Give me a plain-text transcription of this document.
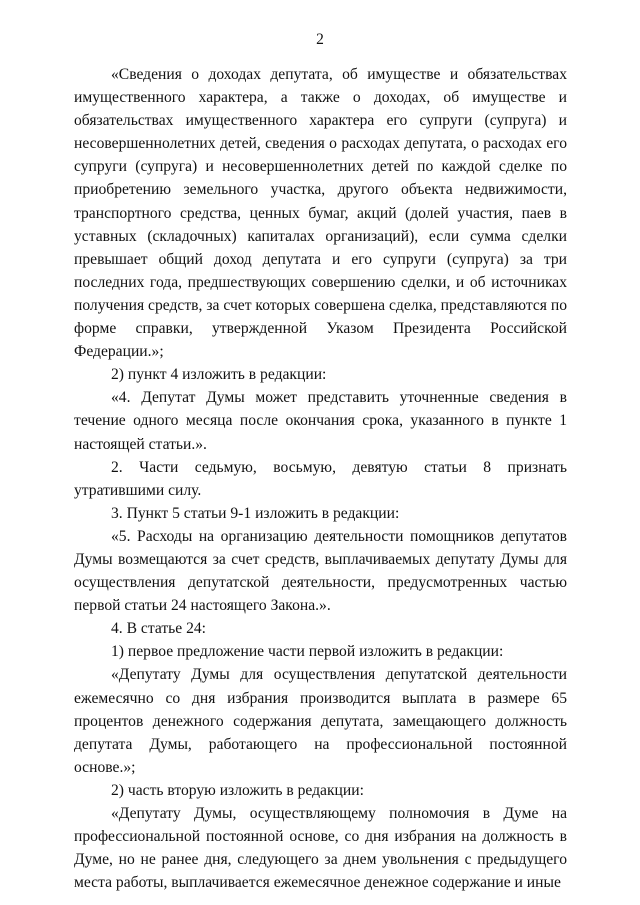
2

«Сведения о доходах депутата, об имуществе и обязательствах имущественного характера, а также о доходах, об имуществе и обязательствах имущественного характера его супруги (супруга) и несовершеннолетних детей, сведения о расходах депутата, о расходах его супруги (супруга) и несовершеннолетних детей по каждой сделке по приобретению земельного участка, другого объекта недвижимости, транспортного средства, ценных бумаг, акций (долей участия, паев в уставных (складочных) капиталах организаций), если сумма сделки превышает общий доход депутата и его супруги (супруга) за три последних года, предшествующих совершению сделки, и об источниках получения средств, за счет которых совершена сделка, представляются по форме справки, утвержденной Указом Президента Российской Федерации.»;

2) пункт 4 изложить в редакции:

«4. Депутат Думы может представить уточненные сведения в течение одного месяца после окончания срока, указанного в пункте 1 настоящей статьи.».

2. Части седьмую, восьмую, девятую статьи 8 признать утратившими силу.

3. Пункт 5 статьи 9-1 изложить в редакции:

«5. Расходы на организацию деятельности помощников депутатов Думы возмещаются за счет средств, выплачиваемых депутату Думы для осуществления депутатской деятельности, предусмотренных частью первой статьи 24 настоящего Закона.».

4. В статье 24:

1) первое предложение части первой изложить в редакции:

«Депутату Думы для осуществления депутатской деятельности ежемесячно со дня избрания производится выплата в размере 65 процентов денежного содержания депутата, замещающего должность депутата Думы, работающего на профессиональной постоянной основе.»;

2) часть вторую изложить в редакции:

«Депутату Думы, осуществляющему полномочия в Думе на профессиональной постоянной основе, со дня избрания на должность в Думе, но не ранее дня, следующего за днем увольнения с предыдущего места работы, выплачивается ежемесячное денежное содержание и иные
